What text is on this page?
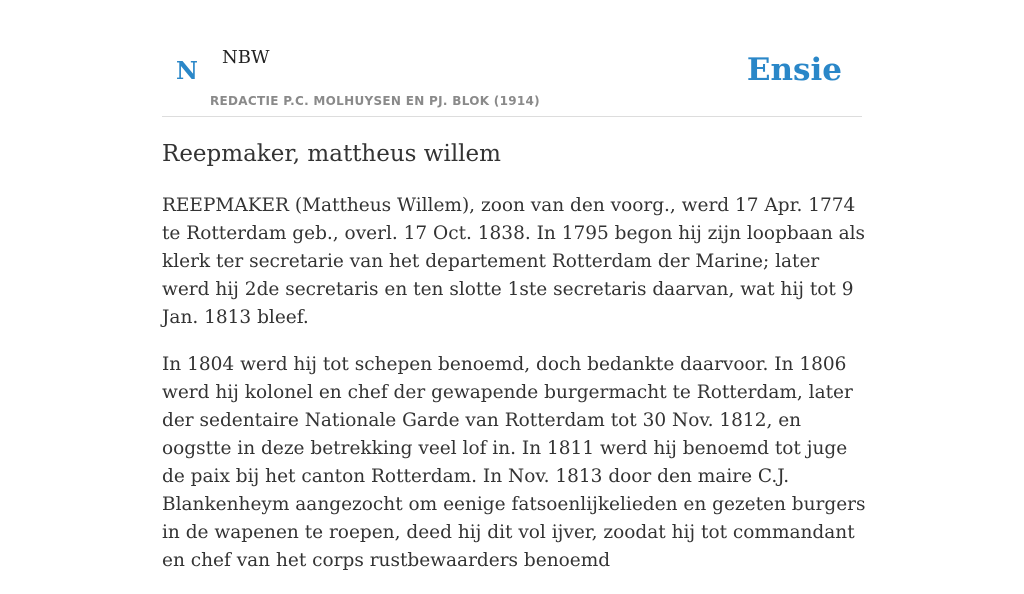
N NBW
REDACTIE P.C. MOLHUYSEN EN PJ. BLOK (1914)
Ensie
Reepmaker, mattheus willem

REEPMAKER (Mattheus Willem), zoon van den voorg., werd 17 Apr. 1774 te Rotterdam geb., overl. 17 Oct. 1838. In 1795 begon hij zijn loopbaan als klerk ter secretarie van het departement Rotterdam der Marine; later werd hij 2de secretaris en ten slotte 1ste secretaris daarvan, wat hij tot 9 Jan. 1813 bleef.

In 1804 werd hij tot schepen benoemd, doch bedankte daarvoor. In 1806 werd hij kolonel en chef der gewapende burgermacht te Rotterdam, later der sedentaire Nationale Garde van Rotterdam tot 30 Nov. 1812, en oogstte in deze betrekking veel lof in. In 1811 werd hij benoemd tot juge de paix bij het canton Rotterdam. In Nov. 1813 door den maire C.J. Blankenheym aangezocht om eenige fatsoenlijkelieden en gezeten burgers in de wapenen te roepen, deed hij dit vol ijver, zoodat hij tot commandant en chef van het corps rustbewaarders benoemd
